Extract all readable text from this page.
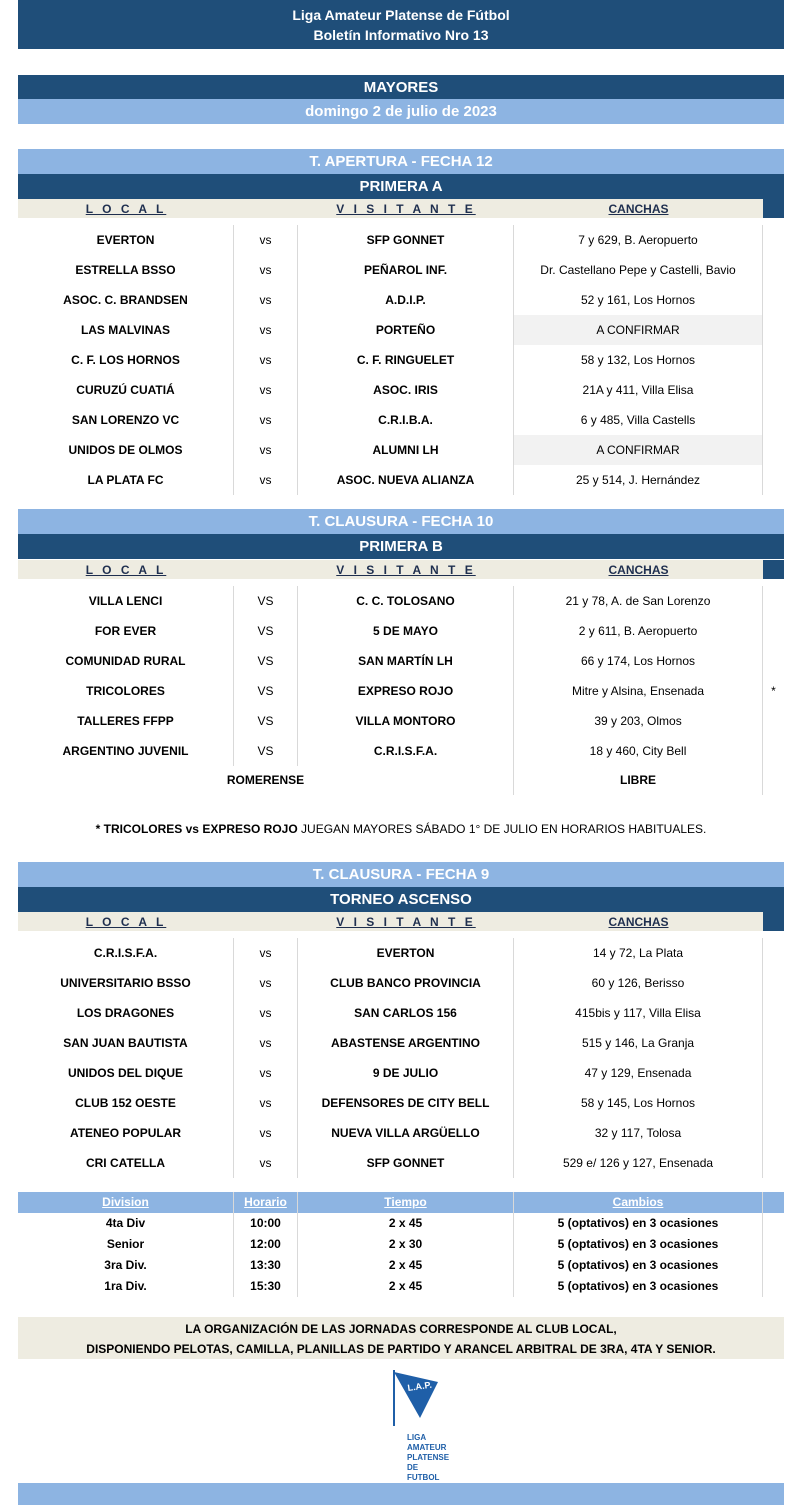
Liga Amateur Platense de Fútbol
Boletín Informativo Nro 13
MAYORES
domingo 2 de julio de 2023
T. APERTURA - FECHA 12
PRIMERA A
L O C A L	V I S I T A N T E	CANCHAS
EVERTON	vs	SFP GONNET	7 y 629, B. Aeropuerto
ESTRELLA BSSO	vs	PEÑAROL INF.	Dr. Castellano Pepe y Castelli, Bavio
ASOC. C. BRANDSEN	vs	A.D.I.P.	52 y 161, Los Hornos
LAS MALVINAS	vs	PORTEÑO	A CONFIRMAR
C. F. LOS HORNOS	vs	C. F. RINGUELET	58 y 132, Los Hornos
CURUZÚ CUATIÁ	vs	ASOC. IRIS	21A y 411, Villa Elisa
SAN LORENZO VC	vs	C.R.I.B.A.	6 y 485, Villa Castells
UNIDOS DE OLMOS	vs	ALUMNI LH	A CONFIRMAR
LA PLATA FC	vs	ASOC. NUEVA ALIANZA	25 y 514, J. Hernández
T. CLAUSURA - FECHA 10
PRIMERA B
L O C A L	V I S I T A N T E	CANCHAS
VILLA LENCI	VS	C. C. TOLOSANO	21 y 78, A. de San Lorenzo
FOR EVER	VS	5 DE MAYO	2 y 611, B. Aeropuerto
COMUNIDAD RURAL	VS	SAN MARTÍN LH	66 y 174, Los Hornos
TRICOLORES	VS	EXPRESO ROJO	Mitre y Alsina, Ensenada	*
TALLERES FFPP	VS	VILLA MONTORO	39 y 203, Olmos
ARGENTINO JUVENIL	VS	C.R.I.S.F.A.	18 y 460, City Bell
ROMERENSE	LIBRE
* TRICOLORES vs EXPRESO ROJO JUEGAN MAYORES SÁBADO 1° DE JULIO EN HORARIOS HABITUALES.
T. CLAUSURA - FECHA 9
TORNEO ASCENSO
L O C A L	V I S I T A N T E	CANCHAS
C.R.I.S.F.A.	vs	EVERTON	14 y 72, La Plata
UNIVERSITARIO BSSO	vs	CLUB BANCO PROVINCIA	60 y 126, Berisso
LOS DRAGONES	vs	SAN CARLOS 156	415bis y 117, Villa Elisa
SAN JUAN BAUTISTA	vs	ABASTENSE ARGENTINO	515 y 146, La Granja
UNIDOS DEL DIQUE	vs	9 DE JULIO	47 y 129, Ensenada
CLUB 152 OESTE	vs	DEFENSORES DE CITY BELL	58 y 145, Los Hornos
ATENEO POPULAR	vs	NUEVA VILLA ARGÜELLO	32 y 117, Tolosa
CRI CATELLA	vs	SFP GONNET	529 e/ 126 y 127, Ensenada
Division	Horario	Tiempo	Cambios
4ta Div	10:00	2 x 45	5 (optativos) en 3 ocasiones
Senior	12:00	2 x 30	5 (optativos) en 3 ocasiones
3ra Div.	13:30	2 x 45	5 (optativos) en 3 ocasiones
1ra Div.	15:30	2 x 45	5 (optativos) en 3 ocasiones
LA ORGANIZACIÓN DE LAS JORNADAS CORRESPONDE AL CLUB LOCAL,
DISPONIENDO PELOTAS, CAMILLA, PLANILLAS DE PARTIDO Y ARANCEL ARBITRAL DE 3RA, 4TA Y SENIOR.
L.A.P.
LIGA
AMATEUR
PLATENSE
DE FUTBOL
